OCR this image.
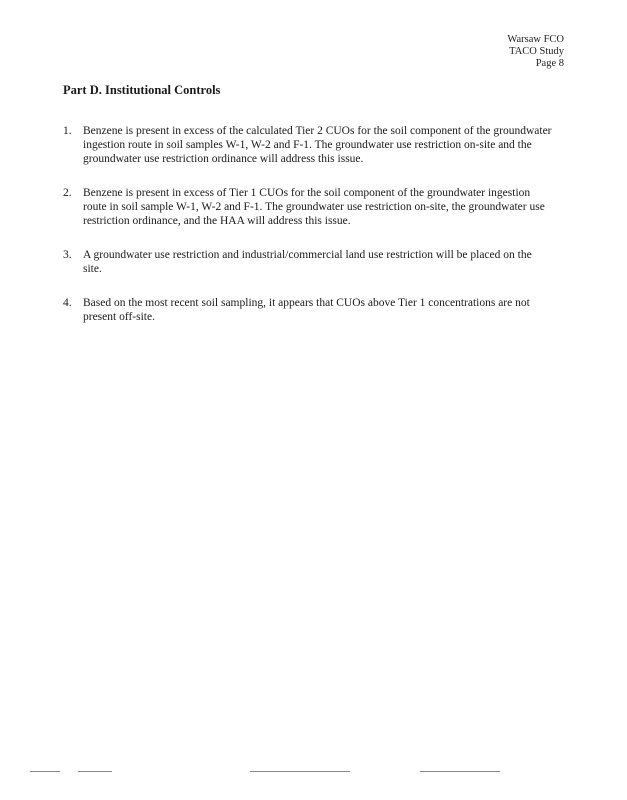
Warsaw FCO
TACO Study
Page 8
Part D. Institutional Controls
1. Benzene is present in excess of the calculated Tier 2 CUOs for the soil component of the groundwater ingestion route in soil samples W-1, W-2 and F-1. The groundwater use restriction on-site and the groundwater use restriction ordinance will address this issue.
2. Benzene is present in excess of Tier 1 CUOs for the soil component of the groundwater ingestion route in soil sample W-1, W-2 and F-1. The groundwater use restriction on-site, the groundwater use restriction ordinance, and the HAA will address this issue.
3. A groundwater use restriction and industrial/commercial land use restriction will be placed on the site.
4. Based on the most recent soil sampling, it appears that CUOs above Tier 1 concentrations are not present off-site.
